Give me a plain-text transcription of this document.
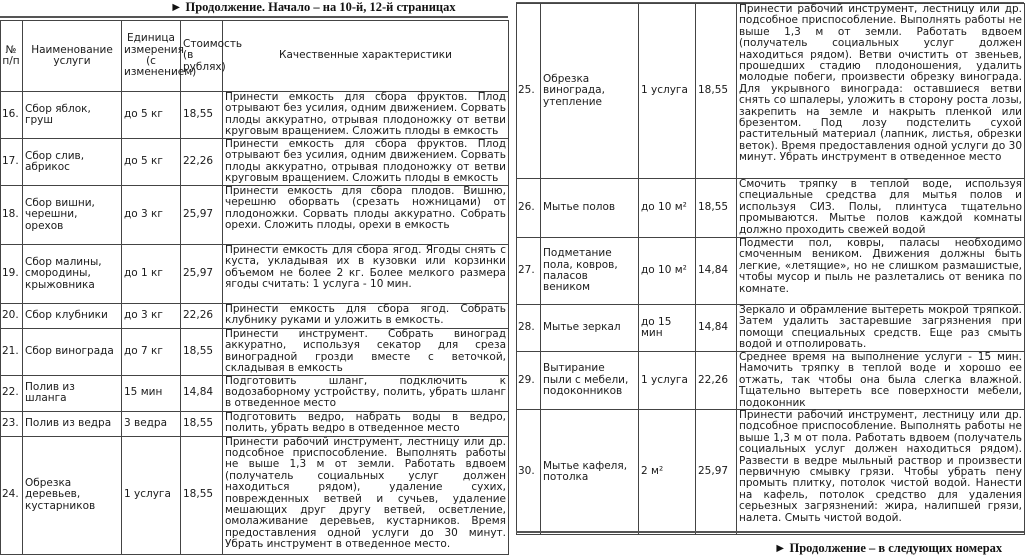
► Продолжение. Начало – на 10-й, 12-й страницах
№ п/п	Наименование услуги	Единица измерения (с изменением)	Стоимость (в рублях)	Качественные характеристики
16.	Сбор яблок, груш	до 5 кг	18,55	Принести емкость для сбора фруктов. Плод отрывают без усилия, одним движением. Сорвать плоды аккуратно, отрывая плодоножку от ветви круговым вращением. Сложить плоды в емкость
17.	Сбор слив, абрикос	до 5 кг	22,26	Принести емкость для сбора фруктов. Плод отрывают без усилия, одним движением. Сорвать плоды аккуратно, отрывая плодоножку от ветви круговым вращением. Сложить плоды в емкость
18.	Сбор вишни, черешни, орехов	до 3 кг	25,97	Принести емкость для сбора плодов. Вишню, черешню оборвать (срезать ножницами) от плодоножки. Сорвать плоды аккуратно. Собрать орехи. Сложить плоды, орехи в емкость
19.	Сбор малины, смородины, крыжовника	до 1 кг	25,97	Принести емкость для сбора ягод. Ягоды снять с куста, укладывая их в кузовки или корзинки объемом не более 2 кг. Более мелкого размера ягоды считать: 1 услуга - 10 мин.
20.	Сбор клубники	до 3 кг	22,26	Принести емкость для сбора ягод. Собрать клубнику руками и уложить в емкость.
21.	Сбор винограда	до 7 кг	18,55	Принести инструмент. Собрать виноград аккуратно, используя секатор для среза виноградной грозди вместе с веточкой, складывая в емкость
22.	Полив из шланга	15 мин	14,84	Подготовить шланг, подключить к водозаборному устройству, полить, убрать шланг в отведенное место
23.	Полив из ведра	3 ведра	18,55	Подготовить ведро, набрать воды в ведро, полить, убрать ведро в отведенное место
24.	Обрезка деревьев, кустарников	1 услуга	18,55	Принести рабочий инструмент, лестницу или др. подсобное приспособление. Выполнять работы не выше 1,3 м от земли. Работать вдвоем (получатель социальных услуг должен находиться рядом), удаление сухих, поврежденных ветвей и сучьев, удаление мешающих друг другу ветвей, осветление, омолаживание деревьев, кустарников. Время предоставления одной услуги до 30 минут. Убрать инструмент в отведенное место.
25.	Обрезка винограда, утепление	1 услуга	18,55	Принести рабочий инструмент, лестницу или др. подсобное приспособление. Выполнять работы не выше 1,3 м от земли. Работать вдвоем (получатель социальных услуг должен находиться рядом). Ветви очистить от звеньев, прошедших стадию плодоношения, удалить молодые побеги, произвести обрезку винограда. Для укрывного винограда: оставшиеся ветви снять со шпалеры, уложить в сторону роста лозы, закрепить на земле и накрыть пленкой или брезентом. Под лозу подстелить сухой растительный материал (лапник, листья, обрезки веток). Время предоставления одной услуги до 30 минут. Убрать инструмент в отведенное место
26.	Мытье полов	до 10 м²	18,55	Смочить тряпку в теплой воде, используя специальные средства для мытья полов и используя СИЗ. Полы, плинтуса тщательно промываются. Мытье полов каждой комнаты должно проходить свежей водой
27.	Подметание пола, ковров, паласов веником	до 10 м²	14,84	Подмести пол, ковры, паласы необходимо смоченным веником. Движения должны быть легкие, «летящие», но не слишком размашистые, чтобы мусор и пыль не разлетались от веника по комнате.
28.	Мытье зеркал	до 15 мин	14,84	Зеркало и обрамление вытереть мокрой тряпкой. Затем удалить застаревшие загрязнения при помощи специальных средств. Еще раз смыть водой и отполировать.
29.	Вытирание пыли с мебели, подоконников	1 услуга	22,26	Среднее время на выполнение услуги - 15 мин. Намочить тряпку в теплой воде и хорошо ее отжать, так чтобы она была слегка влажной. Тщательно вытереть все поверхности мебели, подоконник
30.	Мытье кафеля, потолка	2 м²	25,97	Принести рабочий инструмент, лестницу или др. подсобное приспособление. Выполнять работы не выше 1,3 м от пола. Работать вдвоем (получатель социальных услуг должен находиться рядом). Развести в ведре мыльный раствор и произвести первичную смывку грязи. Чтобы убрать пену промыть плитку, потолок чистой водой. Нанести на кафель, потолок средство для удаления серьезных загрязнений: жира, налипшей грязи, налета. Смыть чистой водой.
► Продолжение – в следующих номерах
